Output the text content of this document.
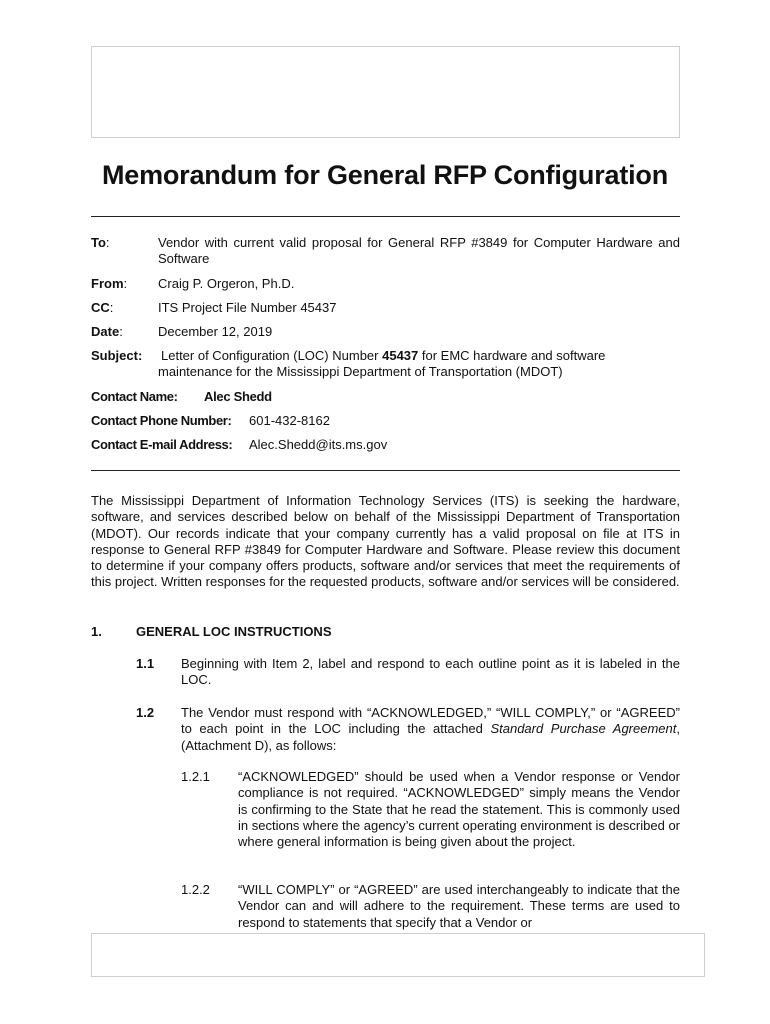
Memorandum for General RFP Configuration
To:	Vendor with current valid proposal for General RFP #3849 for Computer Hardware and Software
From: Craig P. Orgeron, Ph.D.
CC:	ITS Project File Number 45437
Date:	December 12, 2019
Subject: Letter of Configuration (LOC) Number 45437 for EMC hardware and software maintenance for the Mississippi Department of Transportation (MDOT)
Contact Name: Alec Shedd
Contact Phone Number: 601-432-8162
Contact E-mail Address: Alec.Shedd@its.ms.gov
The Mississippi Department of Information Technology Services (ITS) is seeking the hardware, software, and services described below on behalf of the Mississippi Department of Transportation (MDOT). Our records indicate that your company currently has a valid proposal on file at ITS in response to General RFP #3849 for Computer Hardware and Software. Please review this document to determine if your company offers products, software and/or services that meet the requirements of this project. Written responses for the requested products, software and/or services will be considered.
1.	GENERAL LOC INSTRUCTIONS
1.1 Beginning with Item 2, label and respond to each outline point as it is labeled in the LOC.
1.2 The Vendor must respond with “ACKNOWLEDGED,” “WILL COMPLY,” or “AGREED” to each point in the LOC including the attached Standard Purchase Agreement, (Attachment D), as follows:
1.2.1 “ACKNOWLEDGED” should be used when a Vendor response or Vendor compliance is not required. “ACKNOWLEDGED” simply means the Vendor is confirming to the State that he read the statement. This is commonly used in sections where the agency’s current operating environment is described or where general information is being given about the project.
1.2.2 “WILL COMPLY” or “AGREED” are used interchangeably to indicate that the Vendor can and will adhere to the requirement. These terms are used to respond to statements that specify that a Vendor or
